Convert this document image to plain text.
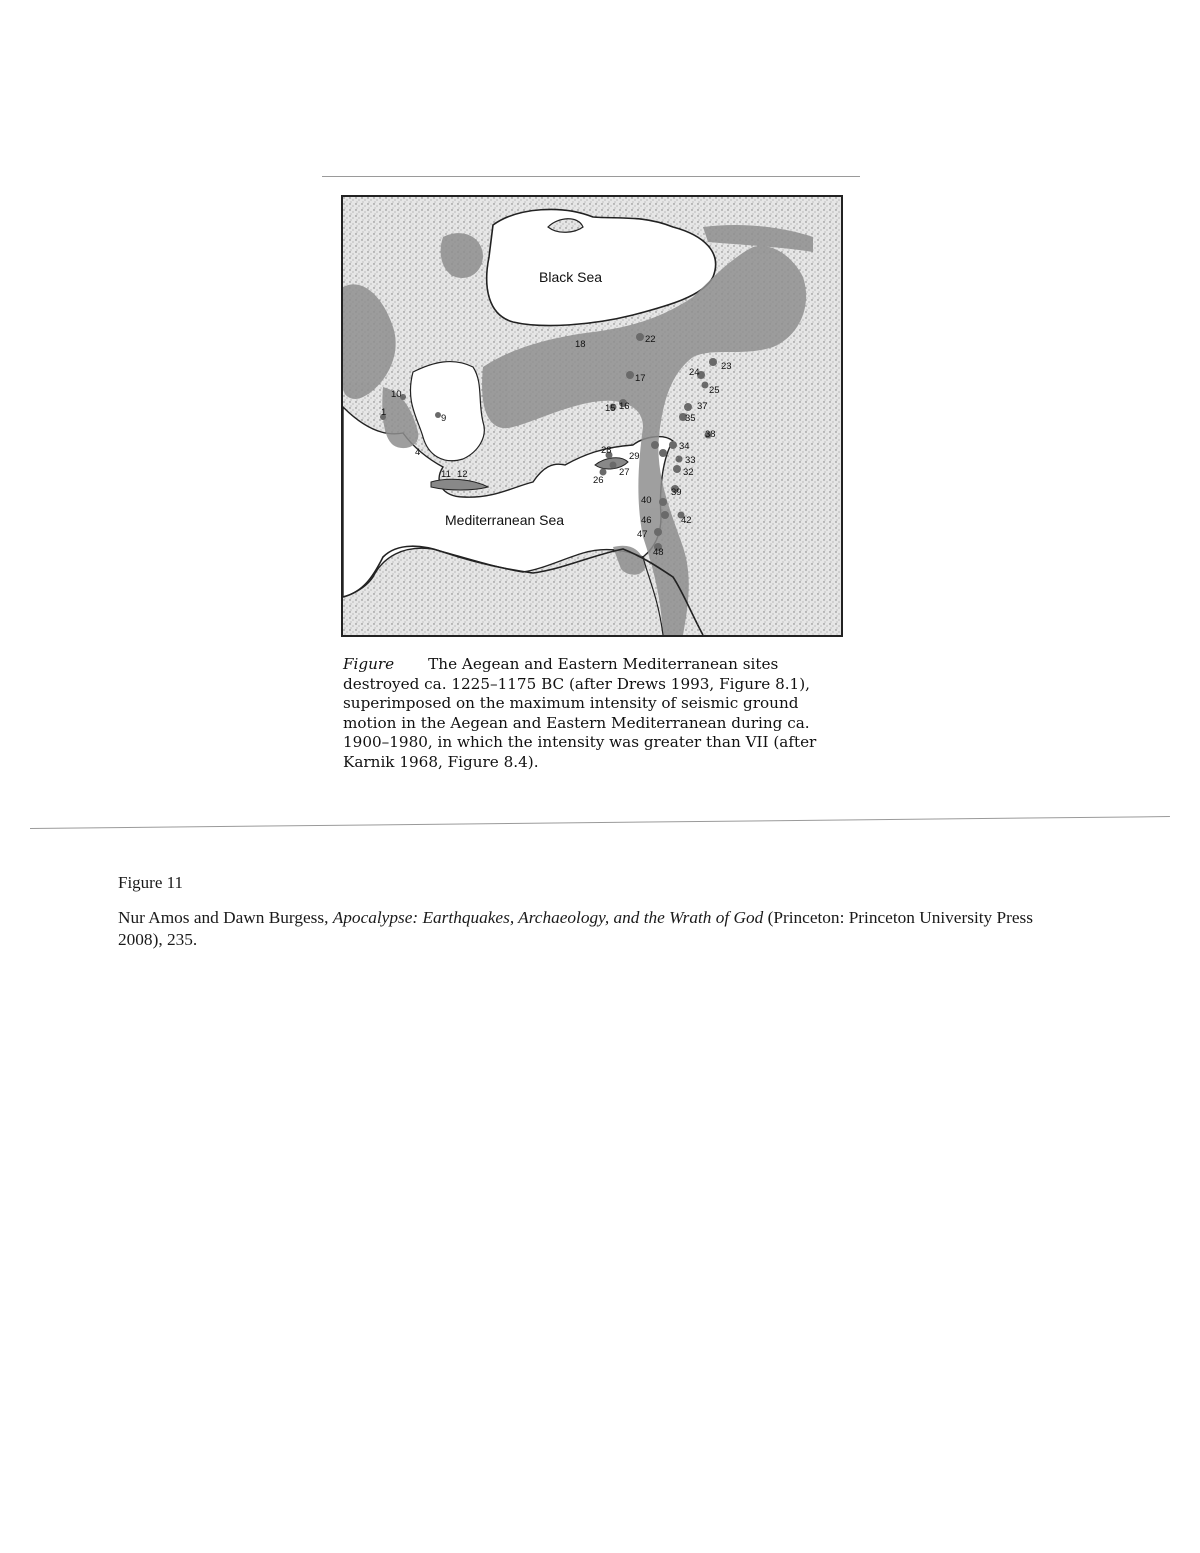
Black Sea
Mediterranean Sea
1
4
9
10
11 12
15 16
17
18	22
23
24
25
26
27
28
29
32
33
34
35
37
38
39
40
42
46
47
48
Figure The Aegean and Eastern Mediterranean sites destroyed ca. 1225–1175 BC (after Drews 1993, Figure 8.1), superimposed on the maximum intensity of seismic ground motion in the Aegean and Eastern Mediterranean during ca. 1900–1980, in which the intensity was greater than VII (after Karnik 1968, Figure 8.4).
Figure 11
Nur Amos and Dawn Burgess, Apocalypse: Earthquakes, Archaeology, and the Wrath of God (Princeton: Princeton University Press 2008), 235.
